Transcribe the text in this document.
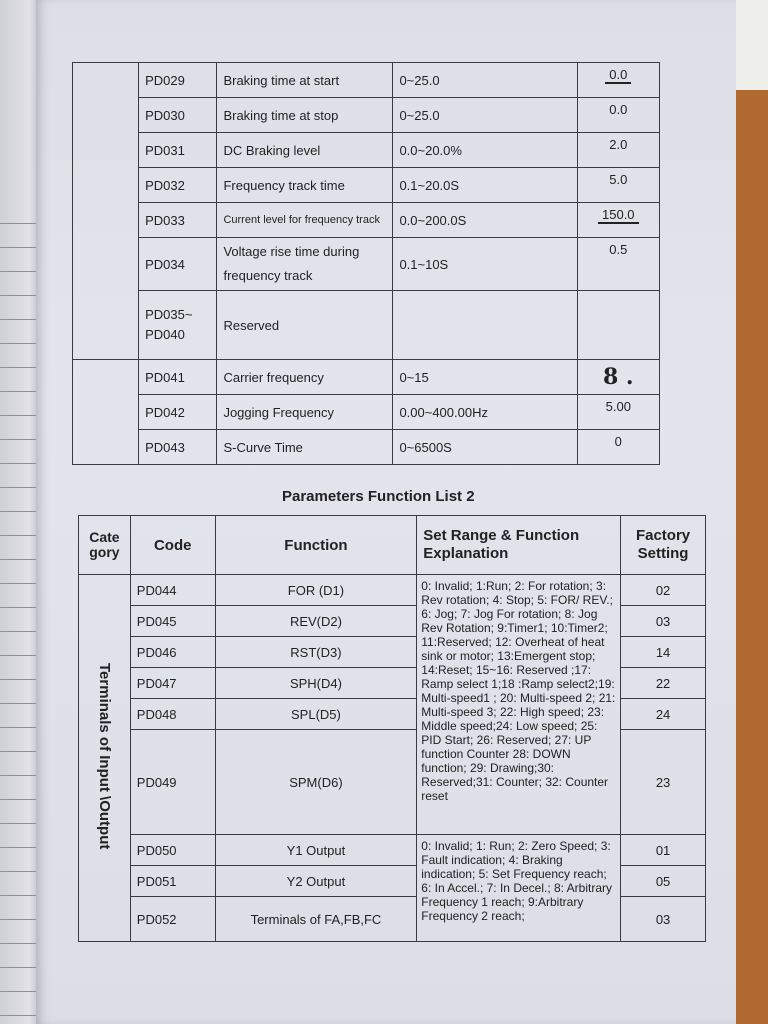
	PD029	Braking time at start	0~25.0	0.0
	PD030	Braking time at stop	0~25.0	0.0
	PD031	DC Braking level	0.0~20.0%	2.0
	PD032	Frequency track time	0.1~20.0S	5.0
	PD033	Current level for frequency track	0.0~200.0S	150.0
	PD034	Voltage rise time during frequency track	0.1~10S	0.5
	PD035~ PD040	Reserved		
	PD041	Carrier frequency	0~15	8 .
	PD042	Jogging Frequency	0.00~400.00Hz	5.00
	PD043	S-Curve Time	0~6500S	0
Parameters Function List 2
Cate gory	Code	Function	Set Range & Function Explanation	Factory Setting
Terminals of Input \Output	PD044	FOR (D1)	0: Invalid; 1:Run; 2: For rotation; 3: Rev rotation; 4: Stop; 5: FOR/ REV.; 6: Jog; 7: Jog For rotation; 8: Jog Rev Rotation; 9:Timer1; 10:Timer2; 11:Reserved; 12: Overheat of heat sink or motor; 13:Emergent stop; 14:Reset; 15~16: Reserved ;17: Ramp select 1;18 :Ramp select2;19: Multi-speed1 ; 20: Multi-speed 2; 21: Multi-speed 3; 22: High speed; 23: Middle speed;24: Low speed; 25: PID Start; 26: Reserved; 27: UP function Counter 28: DOWN function; 29: Drawing;30: Reserved;31: Counter; 32: Counter reset	02
	PD045	REV(D2)		03
	PD046	RST(D3)		14
	PD047	SPH(D4)		22
	PD048	SPL(D5)		24
	PD049	SPM(D6)		23
	PD050	Y1 Output	0: Invalid; 1: Run; 2: Zero Speed; 3: Fault indication; 4: Braking indication; 5: Set Frequency reach; 6: In Accel.; 7: In Decel.; 8: Arbitrary Frequency 1 reach; 9:Arbitrary Frequency 2 reach;	01
	PD051	Y2 Output		05
	PD052	Terminals of FA,FB,FC		03
